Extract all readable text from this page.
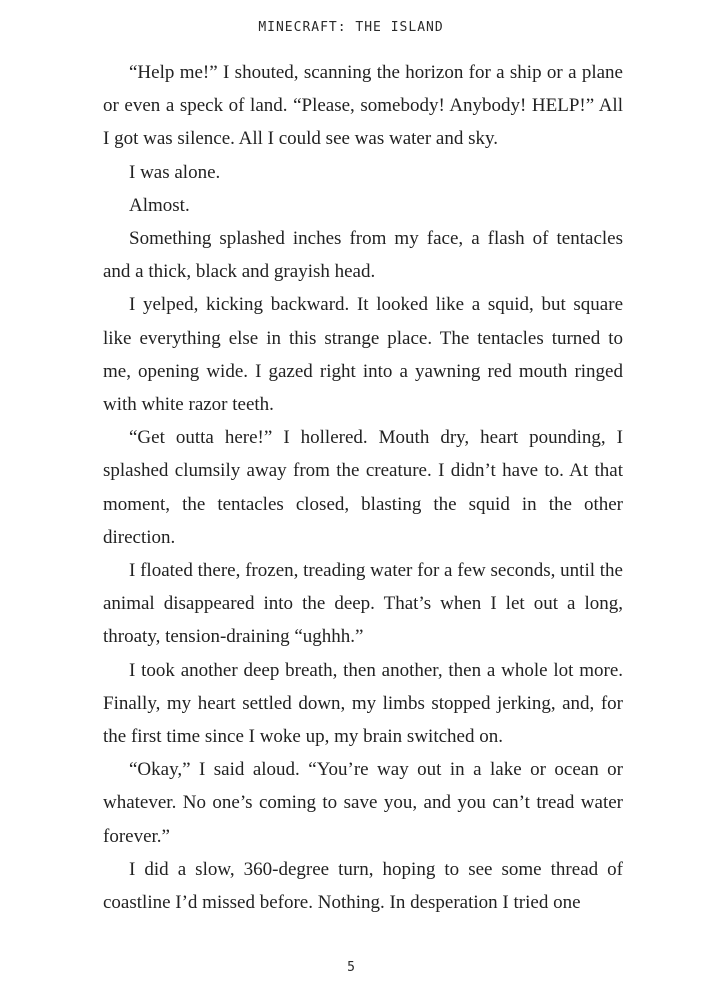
MINECRAFT: THE ISLAND

“Help me!” I shouted, scanning the horizon for a ship or a plane or even a speck of land. “Please, somebody! Anybody! HELP!” All I got was silence. All I could see was water and sky.

I was alone.

Almost.

Something splashed inches from my face, a flash of tentacles and a thick, black and grayish head.

I yelped, kicking backward. It looked like a squid, but square like everything else in this strange place. The tentacles turned to me, opening wide. I gazed right into a yawning red mouth ringed with white razor teeth.

“Get outta here!” I hollered. Mouth dry, heart pounding, I splashed clumsily away from the creature. I didn’t have to. At that moment, the tentacles closed, blasting the squid in the other direction.

I floated there, frozen, treading water for a few seconds, until the animal disappeared into the deep. That’s when I let out a long, throaty, tension-draining “ughhh.”

I took another deep breath, then another, then a whole lot more. Finally, my heart settled down, my limbs stopped jerking, and, for the first time since I woke up, my brain switched on.

“Okay,” I said aloud. “You’re way out in a lake or ocean or whatever. No one’s coming to save you, and you can’t tread water forever.”

I did a slow, 360-degree turn, hoping to see some thread of coastline I’d missed before. Nothing. In desperation I tried one

5
